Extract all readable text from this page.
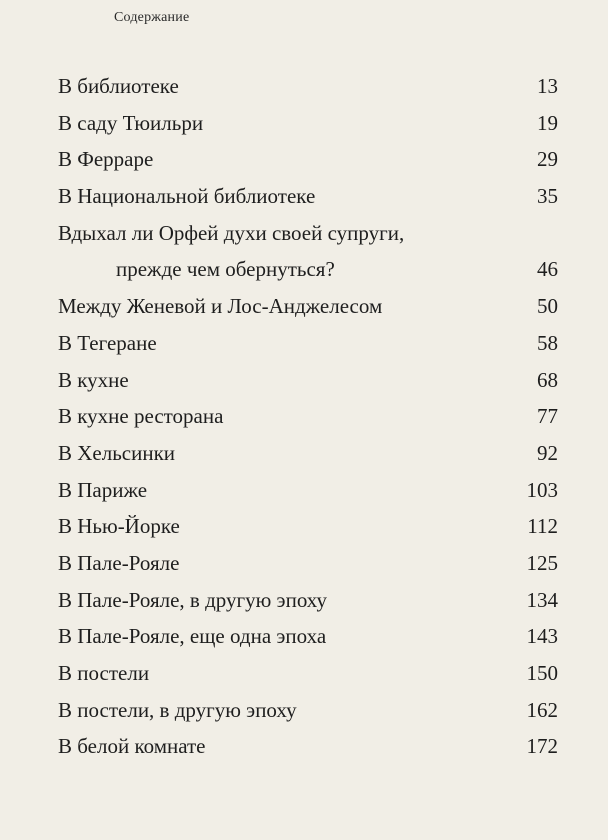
Содержание
В библиотеке	13
В саду Тюильри	19
В Ферраре	29
В Национальной библиотеке	35
Вдыхал ли Орфей духи своей супруги,
прежде чем обернуться?	46
Между Женевой и Лос-Анджелесом	50
В Тегеране	58
В кухне	68
В кухне ресторана	77
В Хельсинки	92
В Париже	103
В Нью-Йорке	112
В Пале-Рояле	125
В Пале-Рояле, в другую эпоху	134
В Пале-Рояле, еще одна эпоха	143
В постели	150
В постели, в другую эпоху	162
В белой комнате	172
